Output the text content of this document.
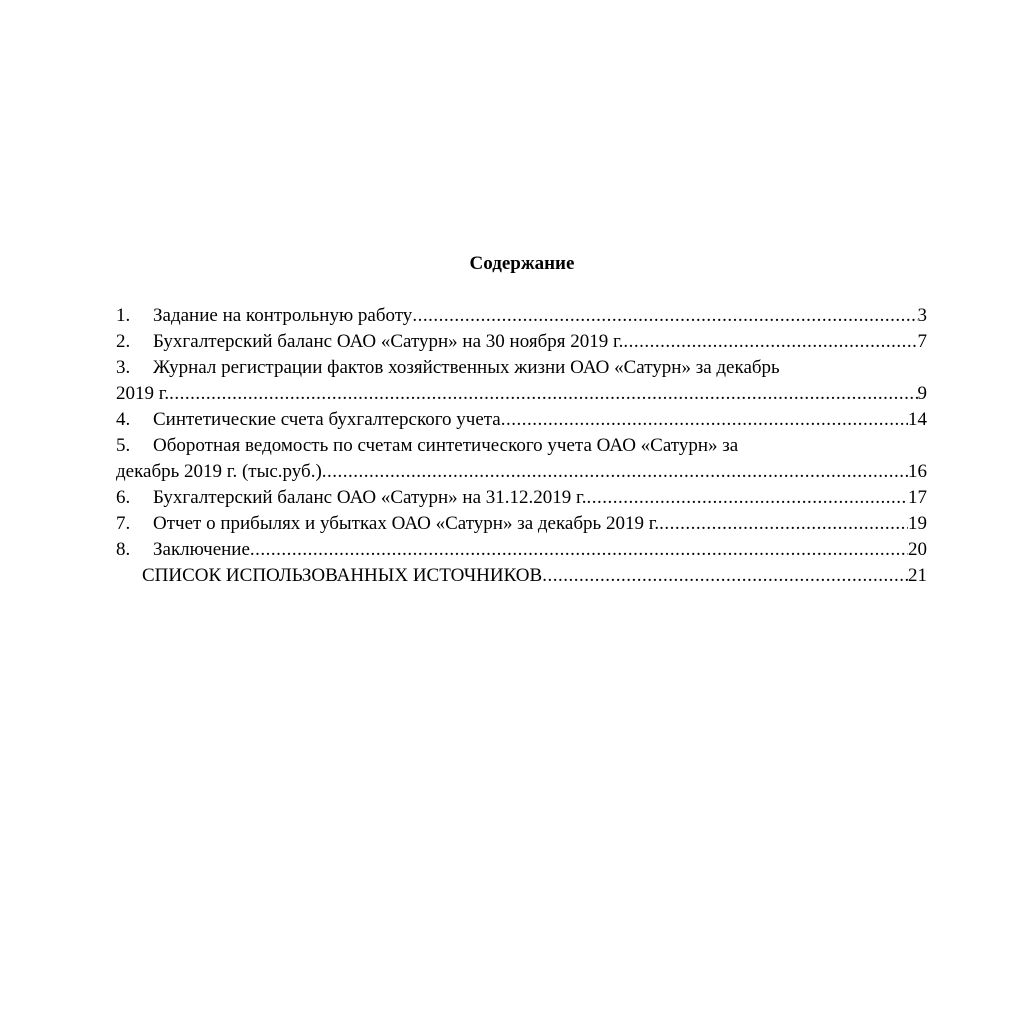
Содержание
1.	Задание на контрольную работу .....	3
2.	Бухгалтерский баланс ОАО «Сатурн» на 30 ноября 2019 г. .....	7
3.	Журнал регистрации фактов хозяйственных жизни ОАО «Сатурн» за декабрь
2019 г. .....	9
4.	Синтетические счета бухгалтерского учета .....	14
5.	Оборотная ведомость по счетам синтетического учета ОАО «Сатурн» за
декабрь 2019 г. (тыс.руб.) .....	16
6.	Бухгалтерский баланс ОАО «Сатурн» на 31.12.2019 г. .....	17
7.	Отчет о прибылях и убытках ОАО «Сатурн» за декабрь 2019 г. .....	19
8.	Заключение .....	20
СПИСОК ИСПОЛЬЗОВАННЫХ ИСТОЧНИКОВ .....	21
